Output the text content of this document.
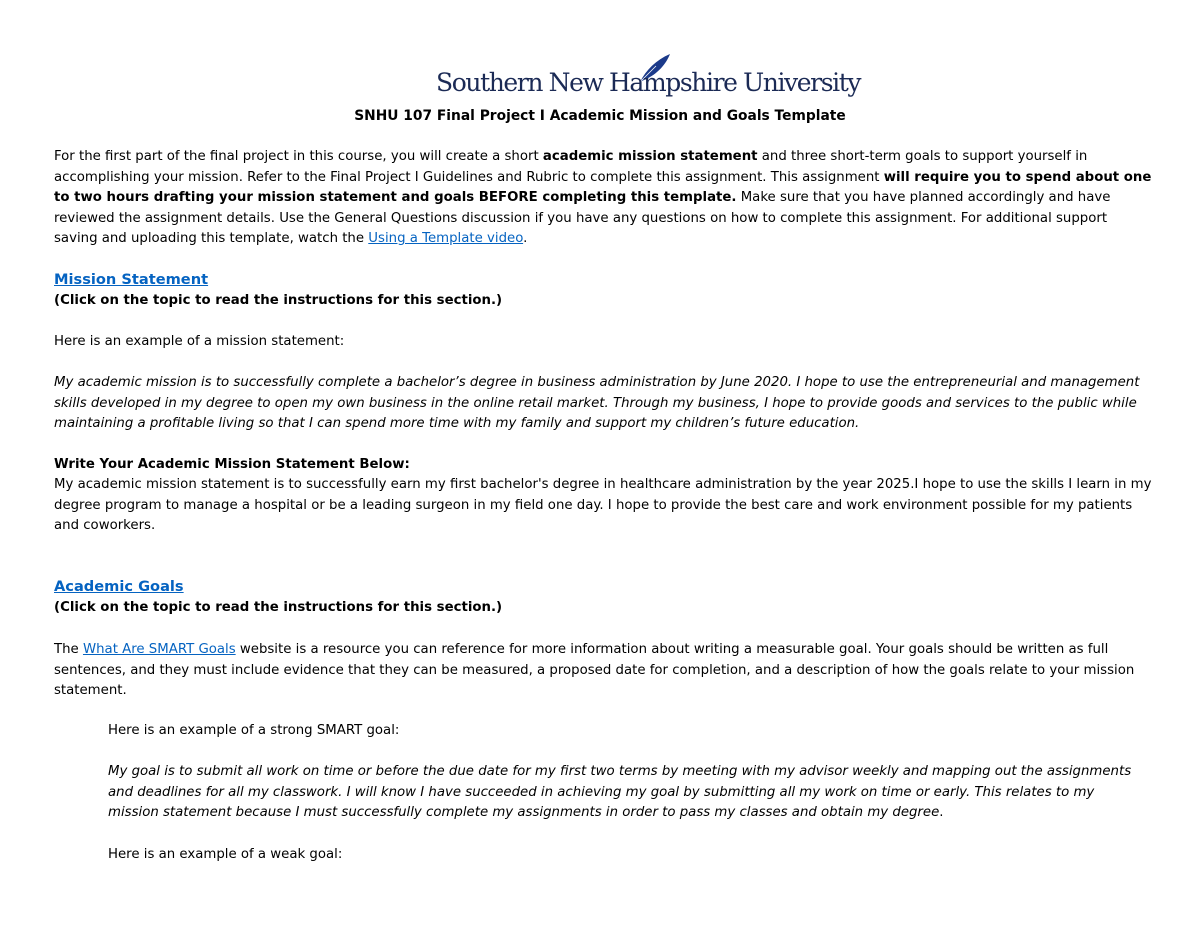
Southern New Hampshire University
SNHU 107 Final Project I Academic Mission and Goals Template

For the first part of the final project in this course, you will create a short academic mission statement and three short-term goals to support yourself in accomplishing your mission. Refer to the Final Project I Guidelines and Rubric to complete this assignment. This assignment will require you to spend about one to two hours drafting your mission statement and goals BEFORE completing this template. Make sure that you have planned accordingly and have reviewed the assignment details. Use the General Questions discussion if you have any questions on how to complete this assignment. For additional support saving and uploading this template, watch the Using a Template video.

Mission Statement
(Click on the topic to read the instructions for this section.)
Here is an example of a mission statement:

My academic mission is to successfully complete a bachelor’s degree in business administration by June 2020. I hope to use the entrepreneurial and management skills developed in my degree to open my own business in the online retail market. Through my business, I hope to provide goods and services to the public while maintaining a profitable living so that I can spend more time with my family and support my children’s future education.

Write Your Academic Mission Statement Below:

My academic mission statement is to successfully earn my first bachelor's degree in healthcare administration by the year 2025.I hope to use the skills I learn in my degree program to manage a hospital or be a leading surgeon in my field one day. I hope to provide the best care and work environment possible for my patients and coworkers.

Academic Goals
(Click on the topic to read the instructions for this section.)

The What Are SMART Goals website is a resource you can reference for more information about writing a measurable goal. Your goals should be written as full sentences, and they must include evidence that they can be measured, a proposed date for completion, and a description of how the goals relate to your mission statement.

Here is an example of a strong SMART goal:

My goal is to submit all work on time or before the due date for my first two terms by meeting with my advisor weekly and mapping out the assignments and deadlines for all my classwork. I will know I have succeeded in achieving my goal by submitting all my work on time or early. This relates to my mission statement because I must successfully complete my assignments in order to pass my classes and obtain my degree.

Here is an example of a weak goal:
